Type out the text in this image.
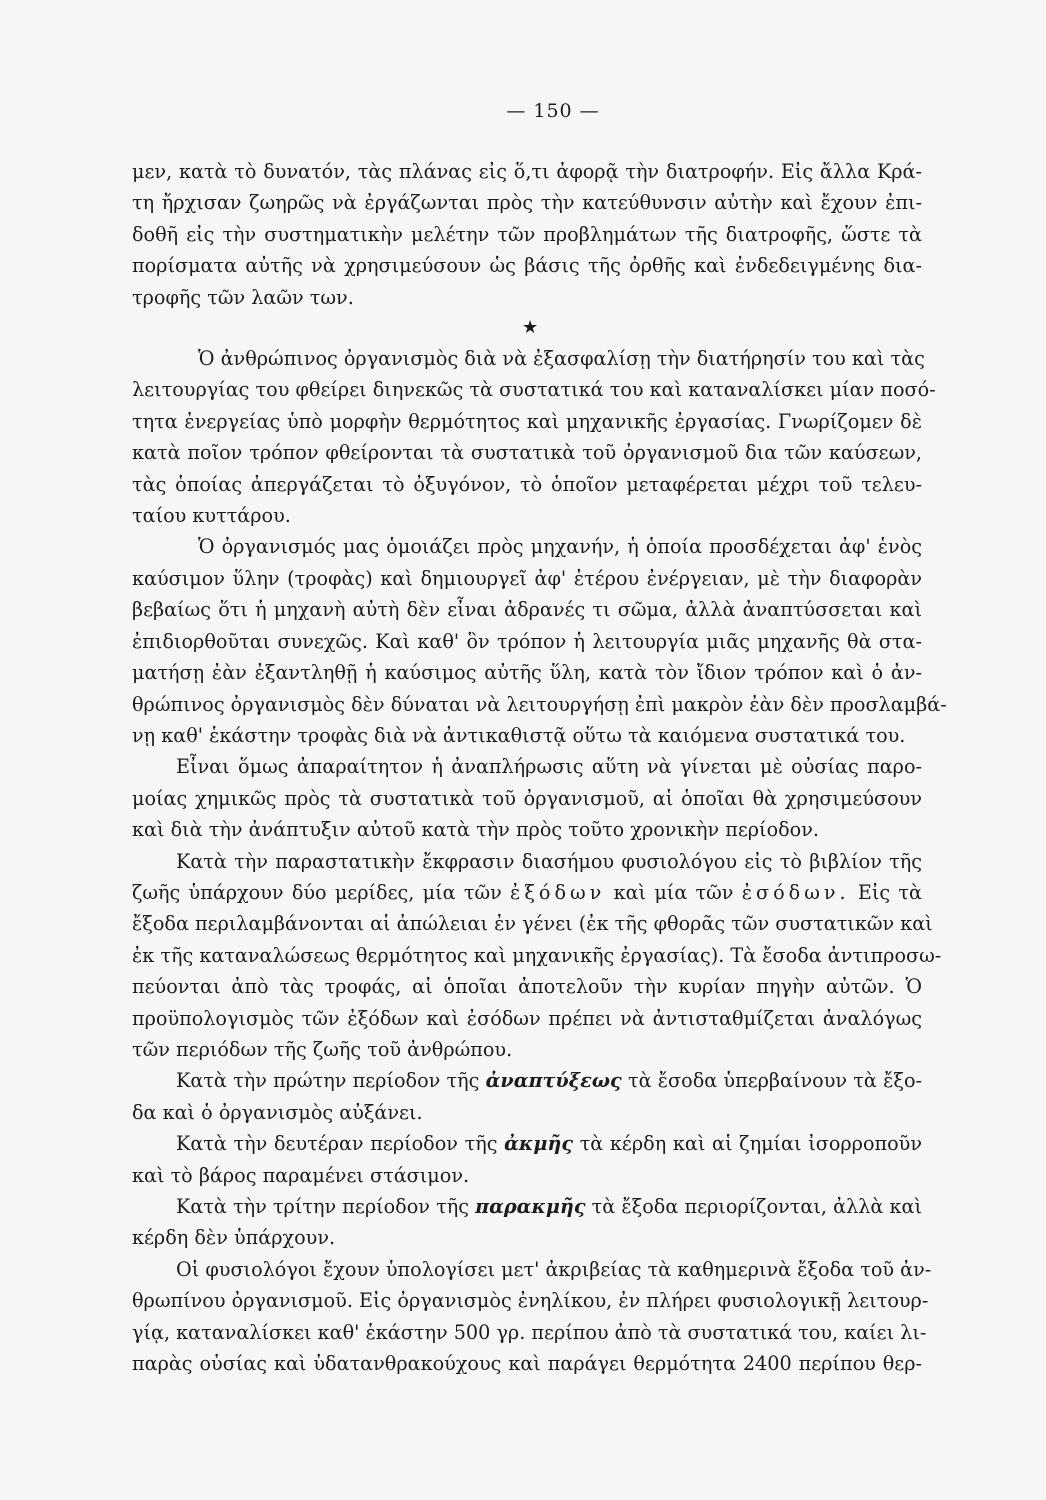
— 150 —
μεν, κατὰ τὸ δυνατόν, τὰς πλάνας εἰς ὅ,τι ἀφορᾷ τὴν διατροφήν. Εἰς ἄλλα Κρά-
τη ἤρχισαν ζωηρῶς νὰ ἐργάζωνται πρὸς τὴν κατεύθυνσιν αὐτὴν καὶ ἔχουν ἐπι-
δοθῆ εἰς τὴν συστηματικὴν μελέτην τῶν προβλημάτων τῆς διατροφῆς, ὥστε τὰ
πορίσματα αὐτῆς νὰ χρησιμεύσουν ὡς βάσις τῆς ὀρθῆς καὶ ἐνδεδειγμένης δια-
τροφῆς τῶν λαῶν των.
★
Ὁ ἀνθρώπινος ὀργανισμὸς διὰ νὰ ἐξασφαλίσῃ τὴν διατήρησίν του καὶ τὰς
λειτουργίας του φθείρει διηνεκῶς τὰ συστατικά του καὶ καταναλίσκει μίαν ποσό-
τητα ἐνεργείας ὑπὸ μορφὴν θερμότητος καὶ μηχανικῆς ἐργασίας. Γνωρίζομεν δὲ
κατὰ ποῖον τρόπον φθείρονται τὰ συστατικὰ τοῦ ὀργανισμοῦ δια τῶν καύσεων,
τὰς ὁποίας ἀπεργάζεται τὸ ὀξυγόνον, τὸ ὁποῖον μεταφέρεται μέχρι τοῦ τελευ-
ταίου κυττάρου.
Ὁ ὀργανισμός μας ὁμοιάζει πρὸς μηχανήν, ἡ ὁποία προσδέχεται ἀφ' ἑνὸς
καύσιμον ὕλην (τροφὰς) καὶ δημιουργεῖ ἀφ' ἑτέρου ἐνέργειαν, μὲ τὴν διαφορὰν
βεβαίως ὅτι ἡ μηχανὴ αὐτὴ δὲν εἶναι ἀδρανές τι σῶμα, ἀλλὰ ἀναπτύσσεται καὶ
ἐπιδιορθοῦται συνεχῶς. Καὶ καθ' ὃν τρόπον ἡ λειτουργία μιᾶς μηχανῆς θὰ στα-
ματήσῃ ἐὰν ἐξαντληθῇ ἡ καύσιμος αὐτῆς ὕλη, κατὰ τὸν ἴδιον τρόπον καὶ ὁ ἀν-
θρώπινος ὀργανισμὸς δὲν δύναται νὰ λειτουργήσῃ ἐπὶ μακρὸν ἐὰν δὲν προσλαμβά-
νῃ καθ' ἑκάστην τροφὰς διὰ νὰ ἀντικαθιστᾷ οὕτω τὰ καιόμενα συστατικά του.
Εἶναι ὅμως ἀπαραίτητον ἡ ἀναπλήρωσις αὕτη νὰ γίνεται μὲ οὐσίας παρο-
μοίας χημικῶς πρὸς τὰ συστατικὰ τοῦ ὀργανισμοῦ, αἱ ὁποῖαι θὰ χρησιμεύσουν
καὶ διὰ τὴν ἀνάπτυξιν αὐτοῦ κατὰ τὴν πρὸς τοῦτο χρονικὴν περίοδον.
Κατὰ τὴν παραστατικὴν ἔκφρασιν διασήμου φυσιολόγου εἰς τὸ βιβλίον τῆς
ζωῆς ὑπάρχουν δύο μερίδες, μία τῶν ἐξόδων καὶ μία τῶν ἐσόδων. Εἰς τὰ
ἔξοδα περιλαμβάνονται αἱ ἀπώλειαι ἐν γένει (ἐκ τῆς φθορᾶς τῶν συστατικῶν καὶ
ἐκ τῆς καταναλώσεως θερμότητος καὶ μηχανικῆς ἐργασίας). Τὰ ἔσοδα ἀντιπροσω-
πεύονται ἀπὸ τὰς τροφάς, αἱ ὁποῖαι ἀποτελοῦν τὴν κυρίαν πηγὴν αὐτῶν. Ὁ
προϋπολογισμὸς τῶν ἐξόδων καὶ ἐσόδων πρέπει νὰ ἀντισταθμίζεται ἀναλόγως
τῶν περιόδων τῆς ζωῆς τοῦ ἀνθρώπου.
Κατὰ τὴν πρώτην περίοδον τῆς ἀναπτύξεως τὰ ἔσοδα ὑπερβαίνουν τὰ ἔξο-
δα καὶ ὁ ὀργανισμὸς αὐξάνει.
Κατὰ τὴν δευτέραν περίοδον τῆς ἀκμῆς τὰ κέρδη καὶ αἱ ζημίαι ἰσορροποῦν
καὶ τὸ βάρος παραμένει στάσιμον.
Κατὰ τὴν τρίτην περίοδον τῆς παρακμῆς τὰ ἔξοδα περιορίζονται, ἀλλὰ καὶ
κέρδη δὲν ὑπάρχουν.
Οἱ φυσιολόγοι ἔχουν ὑπολογίσει μετ' ἀκριβείας τὰ καθημερινὰ ἔξοδα τοῦ ἀν-
θρωπίνου ὀργανισμοῦ. Εἰς ὀργανισμὸς ἐνηλίκου, ἐν πλήρει φυσιολογικῇ λειτουρ-
γίᾳ, καταναλίσκει καθ' ἑκάστην 500 γρ. περίπου ἀπὸ τὰ συστατικά του, καίει λι-
παρὰς οὐσίας καὶ ὑδατανθρακούχους καὶ παράγει θερμότητα 2400 περίπου θερ-
